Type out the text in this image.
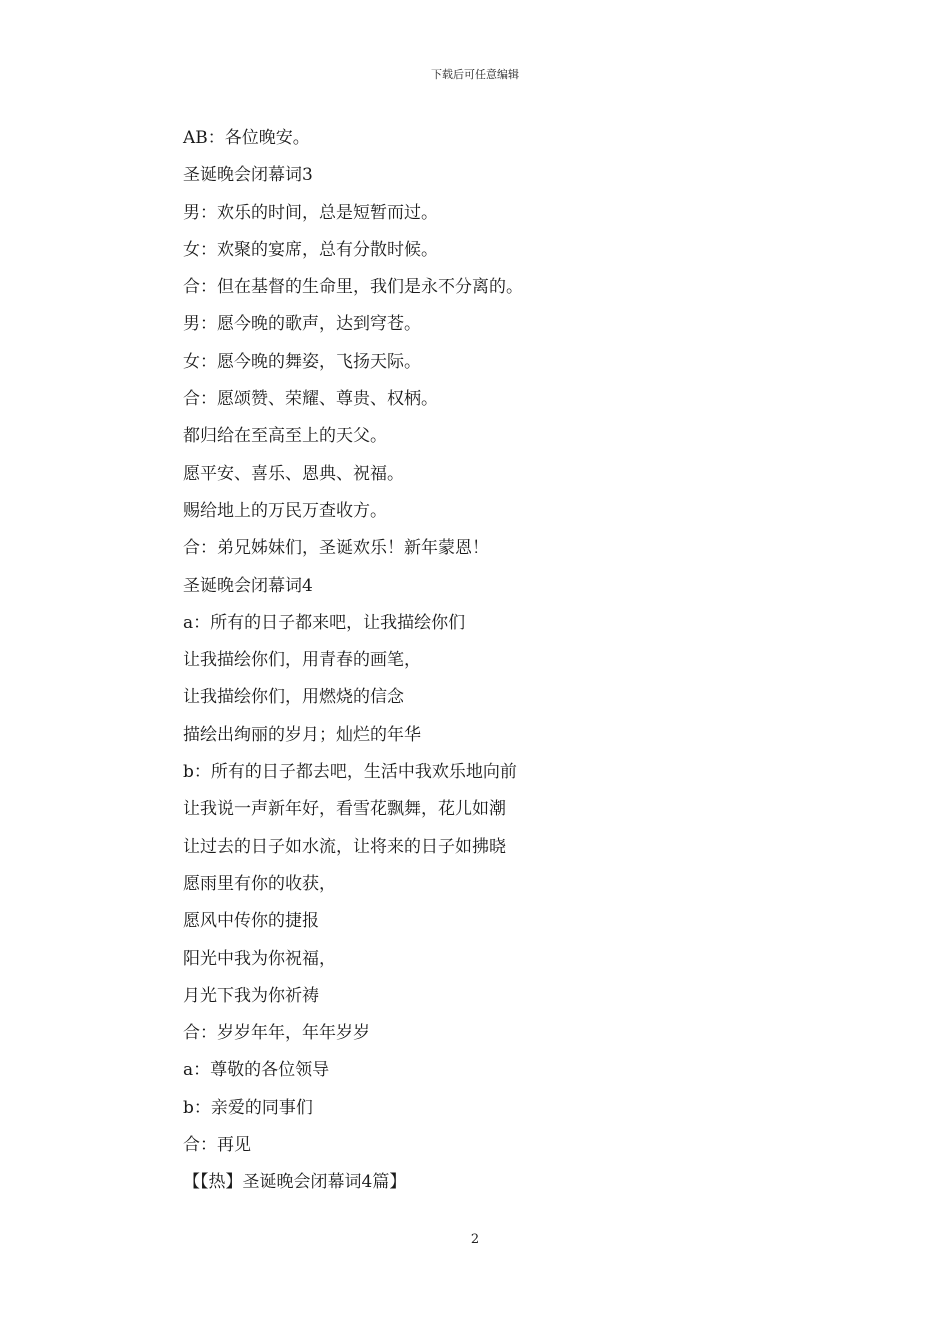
下载后可任意编辑
AB：各位晚安。
圣诞晚会闭幕词3
男：欢乐的时间，总是短暂而过。
女：欢聚的宴席，总有分散时候。
合：但在基督的生命里，我们是永不分离的。
男：愿今晚的歌声，达到穹苍。
女：愿今晚的舞姿，飞扬天际。
合：愿颂赞、荣耀、尊贵、权柄。
都归给在至高至上的天父。
愿平安、喜乐、恩典、祝福。
赐给地上的万民万查收方。
合：弟兄姊妹们，圣诞欢乐！新年蒙恩！
圣诞晚会闭幕词4
a：所有的日子都来吧，让我描绘你们
让我描绘你们，用青春的画笔，
让我描绘你们，用燃烧的信念
描绘出绚丽的岁月；灿烂的年华
b：所有的日子都去吧，生活中我欢乐地向前
让我说一声新年好，看雪花飘舞，花儿如潮
让过去的日子如水流，让将来的日子如拂晓
愿雨里有你的收获，
愿风中传你的捷报
阳光中我为你祝福，
月光下我为你祈祷
合：岁岁年年，年年岁岁
a：尊敬的各位领导
b：亲爱的同事们
合：再见
【【热】圣诞晚会闭幕词4篇】
2
